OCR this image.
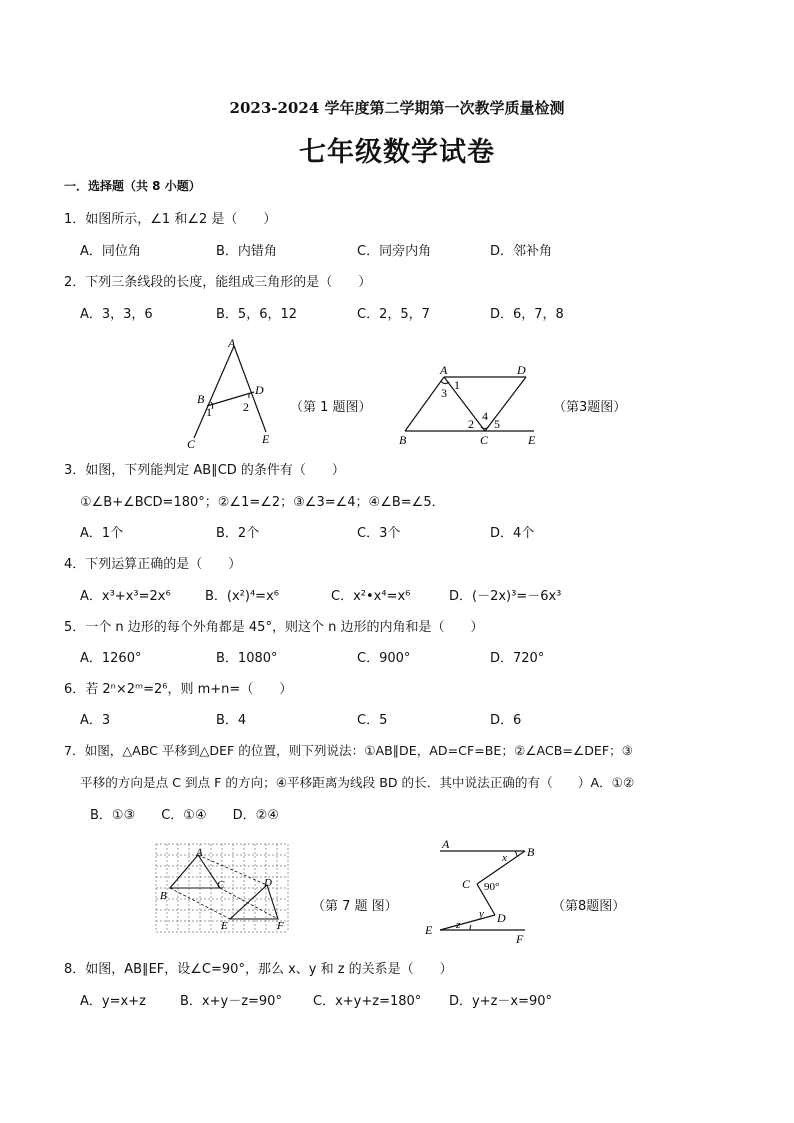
2023-2024 学年度第二学期第一次教学质量检测
七年级数学试卷
一．选择题（共 8 小题）
1．如图所示，∠1 和∠2 是（　　）
A．同位角	B．内错角	C．同旁内角	D．邻补角
2．下列三条线段的长度，能组成三角形的是（　　）
A．3，3，6	B．5，6，12	C．2，5，7	D．6，7，8
A
B
D
1	2
C	E
（第 1 题图）
A	D
1
3
4
2 5
B	C	E
（第3题图）
3．如图，下列能判定 AB∥CD 的条件有（　　）
①∠B+∠BCD=180°；②∠1=∠2；③∠3=∠4；④∠B=∠5．
A．1个	B．2个	C．3个	D．4个
4．下列运算正确的是（　　）
A．x³+x³=2x⁶	B．(x²)⁴=x⁶	C．x²•x⁴=x⁶	D．(－2x)³=－6x³
5．一个 n 边形的每个外角都是 45°，则这个 n 边形的内角和是（　　）
A．1260°	B．1080°	C．900°	D．720°
6．若 2ⁿ×2ᵐ=2⁶，则 m+n=（　　）
A．3	B．4	C．5	D．6
7．如图，△ABC 平移到△DEF 的位置，则下列说法：①AB∥DE，AD=CF=BE；②∠ACB=∠DEF；③
平移的方向是点 C 到点 F 的方向；④平移距离为线段 BD 的长．其中说法正确的有（　　）A．①②
B．①③　　C．①④　　D．②④
A
B
C	D
E	F
（第 7 题 图）
A
B
x
C 90°
y D
z
E
F
（第8题图）
8．如图，AB∥EF，设∠C=90°，那么 x、y 和 z 的关系是（　　）
A．y=x+z	B．x+y－z=90° C．x+y+z=180° D．y+z－x=90°
